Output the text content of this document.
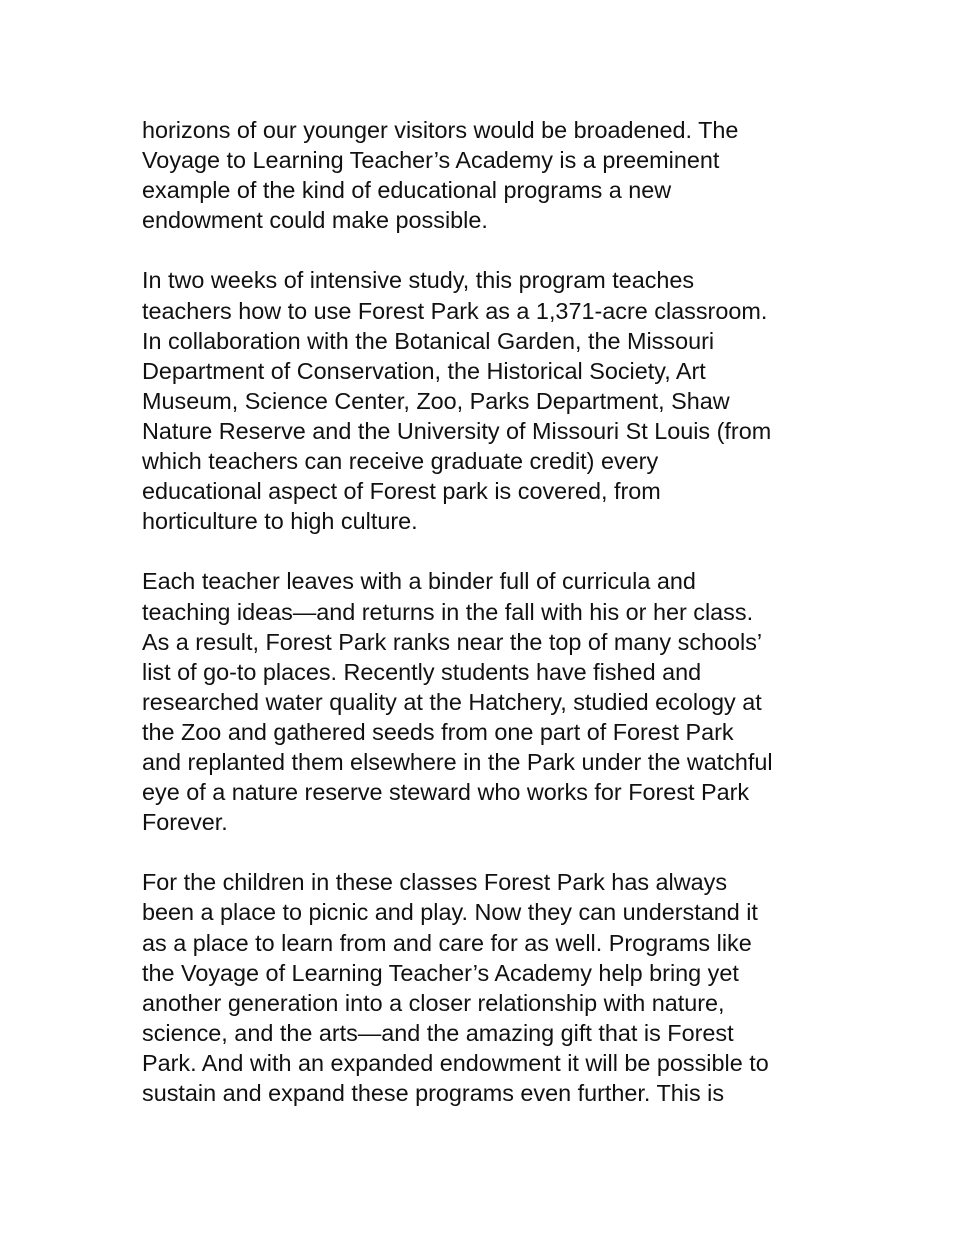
horizons of our younger visitors would be broadened. The
Voyage to Learning Teacher’s Academy is a preeminent
example of the kind of educational programs a new
endowment could make possible.

In two weeks of intensive study, this program teaches
teachers how to use Forest Park as a 1,371-acre classroom.
In collaboration with the Botanical Garden, the Missouri
Department of Conservation, the Historical Society, Art
Museum, Science Center, Zoo, Parks Department, Shaw
Nature Reserve and the University of Missouri St Louis (from
which teachers can receive graduate credit) every
educational aspect of Forest park is covered, from
horticulture to high culture.

Each teacher leaves with a binder full of curricula and
teaching ideas—and returns in the fall with his or her class.
As a result, Forest Park ranks near the top of many schools’
list of go-to places. Recently students have fished and
researched water quality at the Hatchery, studied ecology at
the Zoo and gathered seeds from one part of Forest Park
and replanted them elsewhere in the Park under the watchful
eye of a nature reserve steward who works for Forest Park
Forever.

For the children in these classes Forest Park has always
been a place to picnic and play. Now they can understand it
as a place to learn from and care for as well. Programs like
the Voyage of Learning Teacher’s Academy help bring yet
another generation into a closer relationship with nature,
science, and the arts—and the amazing gift that is Forest
Park. And with an expanded endowment it will be possible to
sustain and expand these programs even further. This is
